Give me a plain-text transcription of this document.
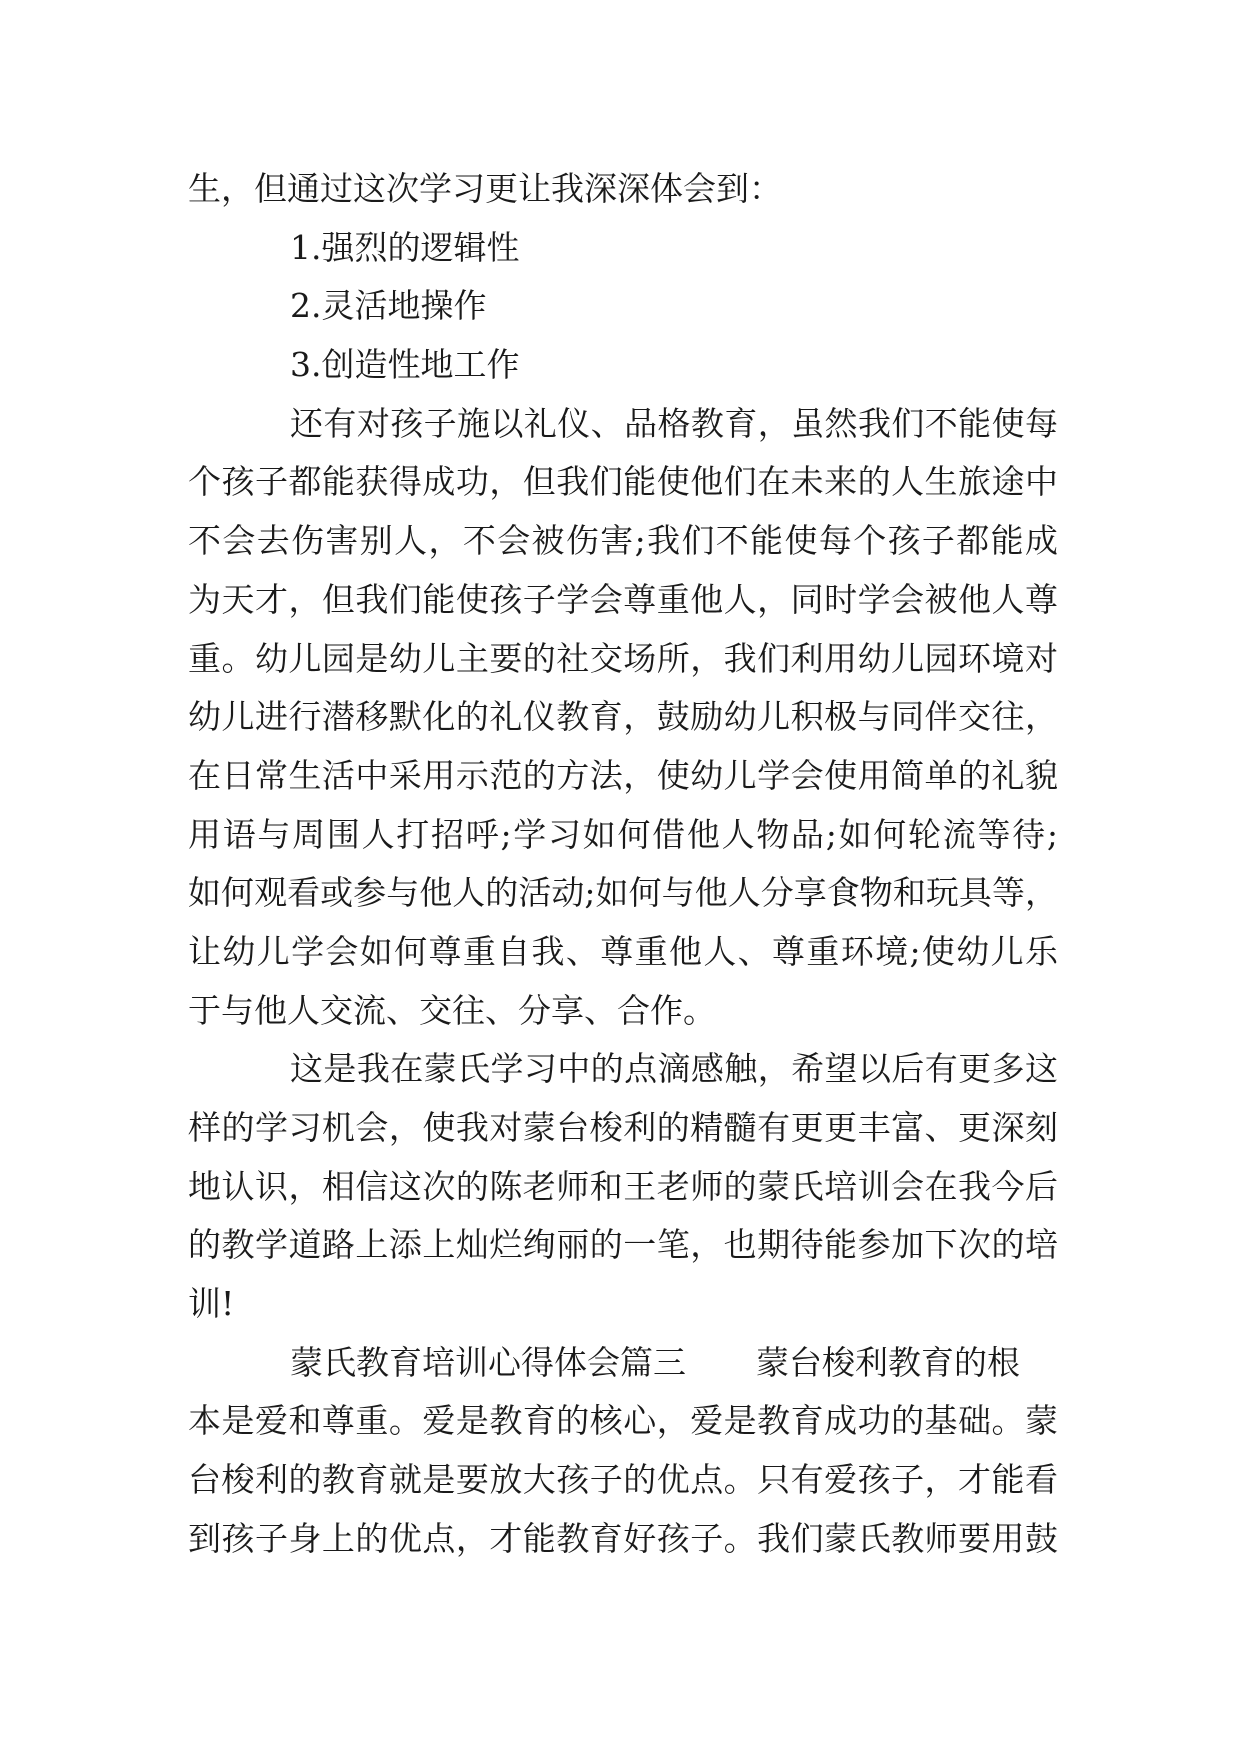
生，但通过这次学习更让我深深体会到：
1.强烈的逻辑性
2.灵活地操作
3.创造性地工作
还有对孩子施以礼仪、品格教育，虽然我们不能使每
个孩子都能获得成功，但我们能使他们在未来的人生旅途中
不会去伤害别人，不会被伤害;我们不能使每个孩子都能成
为天才，但我们能使孩子学会尊重他人，同时学会被他人尊
重。幼儿园是幼儿主要的社交场所，我们利用幼儿园环境对
幼儿进行潜移默化的礼仪教育，鼓励幼儿积极与同伴交往，
在日常生活中采用示范的方法，使幼儿学会使用简单的礼貌
用语与周围人打招呼;学习如何借他人物品;如何轮流等待;
如何观看或参与他人的活动;如何与他人分享食物和玩具等，
让幼儿学会如何尊重自我、尊重他人、尊重环境;使幼儿乐
于与他人交流、交往、分享、合作。
这是我在蒙氏学习中的点滴感触，希望以后有更多这
样的学习机会，使我对蒙台梭利的精髓有更更丰富、更深刻
地认识，相信这次的陈老师和王老师的蒙氏培训会在我今后
的教学道路上添上灿烂绚丽的一笔，也期待能参加下次的培
训!
蒙氏教育培训心得体会篇三 蒙台梭利教育的根
本是爱和尊重。爱是教育的核心，爱是教育成功的基础。蒙
台梭利的教育就是要放大孩子的优点。只有爱孩子，才能看
到孩子身上的优点，才能教育好孩子。我们蒙氏教师要用鼓
